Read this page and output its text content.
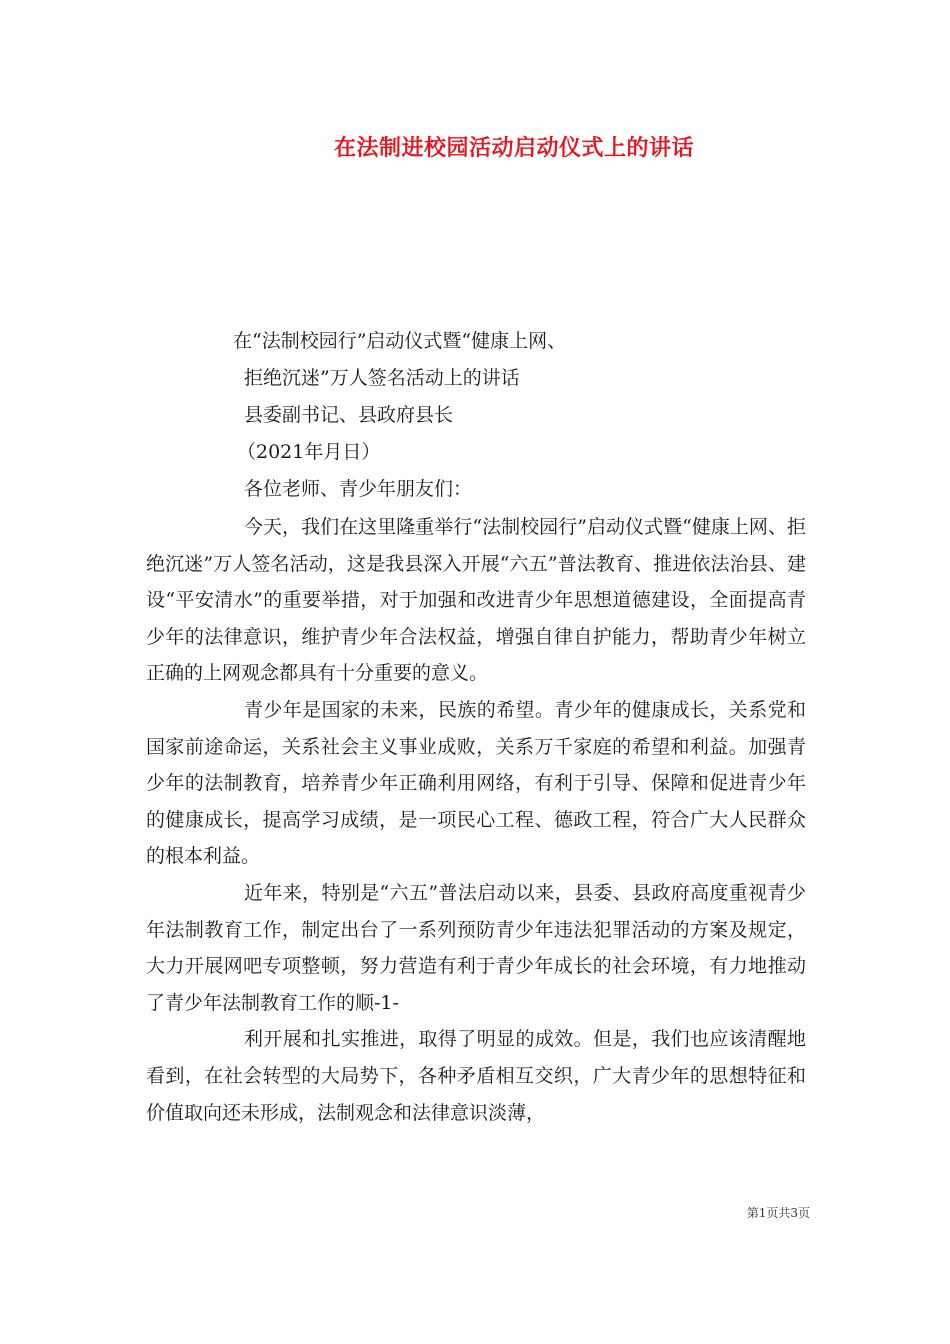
在法制进校园活动启动仪式上的讲话
在“法制校园行”启动仪式暨“健康上网、
拒绝沉迷”万人签名活动上的讲话
县委副书记、县政府县长
（2021年月日）
各位老师、青少年朋友们：

今天，我们在这里隆重举行“法制校园行”启动仪式暨“健康上网、拒绝沉迷”万人签名活动，这是我县深入开展“六五”普法教育、推进依法治县、建设“平安清水”的重要举措，对于加强和改进青少年思想道德建设，全面提高青少年的法律意识，维护青少年合法权益，增强自律自护能力，帮助青少年树立正确的上网观念都具有十分重要的意义。

青少年是国家的未来，民族的希望。青少年的健康成长，关系党和国家前途命运，关系社会主义事业成败，关系万千家庭的希望和利益。加强青少年的法制教育，培养青少年正确利用网络，有利于引导、保障和促进青少年的健康成长，提高学习成绩，是一项民心工程、德政工程，符合广大人民群众的根本利益。

近年来，特别是“六五”普法启动以来，县委、县政府高度重视青少年法制教育工作，制定出台了一系列预防青少年违法犯罪活动的方案及规定，大力开展网吧专项整顿，努力营造有利于青少年成长的社会环境，有力地推动了青少年法制教育工作的顺-1-

利开展和扎实推进，取得了明显的成效。但是，我们也应该清醒地看到，在社会转型的大局势下，各种矛盾相互交织，广大青少年的思想特征和价值取向还未形成，法制观念和法律意识淡薄，

第1页共3页
